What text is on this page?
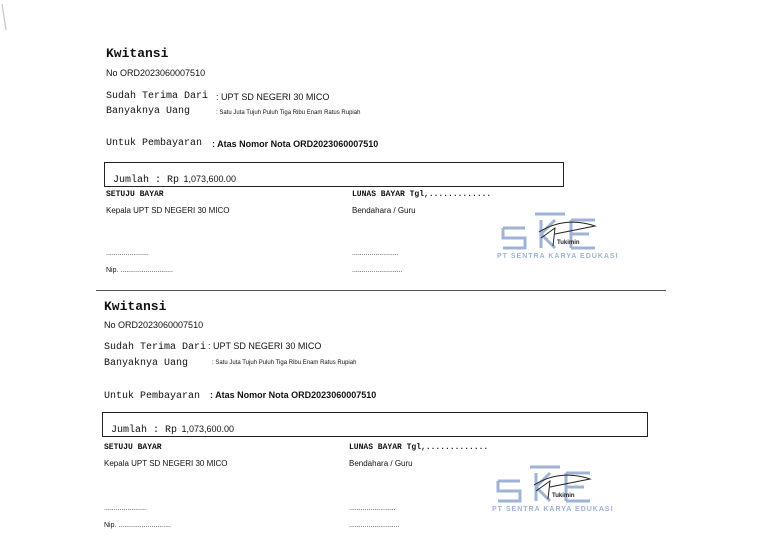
Kwitansi
No ORD2023060007510
Sudah Terima Dari : UPT SD NEGERI 30 MICO
Banyaknya Uang	: Satu Juta Tujuh Puluh Tiga Ribu Enam Ratus Rupiah
Untuk Pembayaran : Atas Nomor Nota ORD2023060007510
Jumlah : Rp 1,073,600.00
SETUJU BAYAR
Kepala UPT SD NEGERI 30 MICO
LUNAS BAYAR Tgl,.............
Bendahara / Guru
......................
Nip. ...........................
........................
..........................
Tukimin
PT SENTRA KARYA EDUKASI
Kwitansi
No ORD2023060007510
Sudah Terima Dari : UPT SD NEGERI 30 MICO
Banyaknya Uang	: Satu Juta Tujuh Puluh Tiga Ribu Enam Ratus Rupiah
Untuk Pembayaran : Atas Nomor Nota ORD2023060007510
Jumlah : Rp 1,073,600.00
SETUJU BAYAR
Kepala UPT SD NEGERI 30 MICO
LUNAS BAYAR Tgl,.............
Bendahara / Guru
......................
Nip. ...........................
........................
..........................
Tukimin
PT SENTRA KARYA EDUKASI
